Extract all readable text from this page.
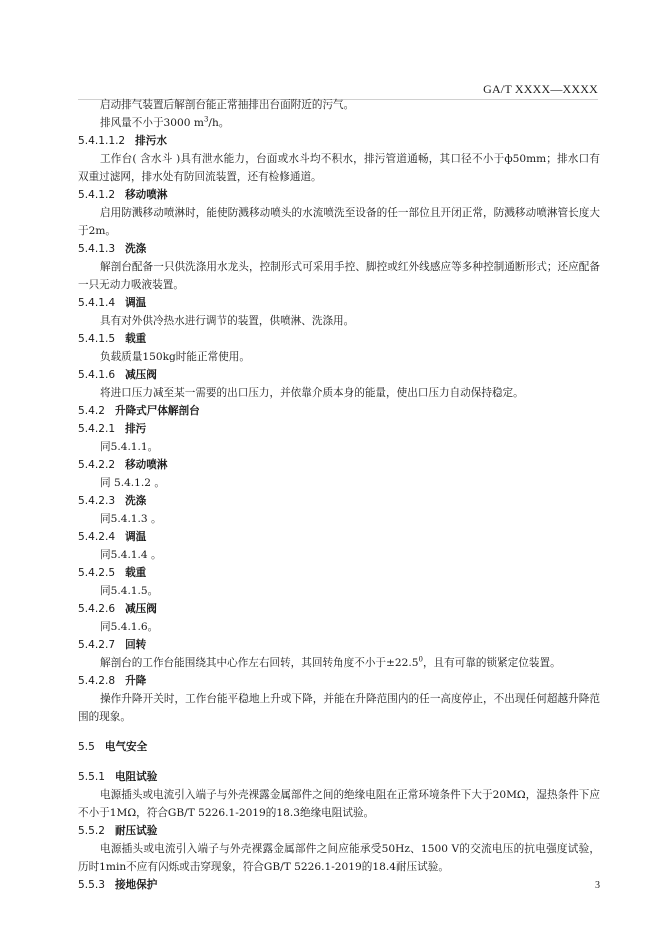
GA/T XXXX—XXXX
启动排气装置后解剖台能正常抽排出台面附近的污气。
排风量不小于3000 $m^3/h$。
5.4.1.1.2 排污水
工作台( 含水斗 )具有泄水能力，台面或水斗均不积水，排污管道通畅，其口径不小于ф50mm；排水口有双重过滤网，排水处有防回流装置，还有检修通道。
5.4.1.2 移动喷淋
启用防溅移动喷淋时，能使防溅移动喷头的水流喷洗至设备的任一部位且开闭正常，防溅移动喷淋管长度大于2m。
5.4.1.3 洗涤
解剖台配备一只供洗涤用水龙头，控制形式可采用手控、脚控或红外线感应等多种控制通断形式；还应配备一只无动力吸液装置。
5.4.1.4 调温
具有对外供冷热水进行调节的装置，供喷淋、洗涤用。
5.4.1.5 载重
负载质量150kg时能正常使用。
5.4.1.6 减压阀
将进口压力减至某一需要的出口压力，并依靠介质本身的能量，使出口压力自动保持稳定。
5.4.2 升降式尸体解剖台
5.4.2.1 排污
同5.4.1.1。
5.4.2.2 移动喷淋
同 5.4.1.2 。
5.4.2.3 洗涤
同5.4.1.3 。
5.4.2.4 调温
同5.4.1.4 。
5.4.2.5 载重
同5.4.1.5。
5.4.2.6 减压阀
同5.4.1.6。
5.4.2.7 回转
解剖台的工作台能围绕其中心作左右回转，其回转角度不小于$\pm 22.5^0$，且有可靠的锁紧定位装置。
5.4.2.8 升降
操作升降开关时，工作台能平稳地上升或下降，并能在升降范围内的任一高度停止，不出现任何超越升降范围的现象。
5.5 电气安全
5.5.1 电阻试验
电源插头或电流引入端子与外壳裸露金属部件之间的绝缘电阻在正常环境条件下大于20MΩ，湿热条件下应不小于1MΩ，符合GB/T 5226.1-2019的18.3绝缘电阻试验。
5.5.2 耐压试验
电源插头或电流引入端子与外壳裸露金属部件之间应能承受50Hz、1500 V的交流电压的抗电强度试验，历时1min不应有闪烁或击穿现象，符合GB/T 5226.1-2019的18.4耐压试验。
5.5.3 接地保护	3
